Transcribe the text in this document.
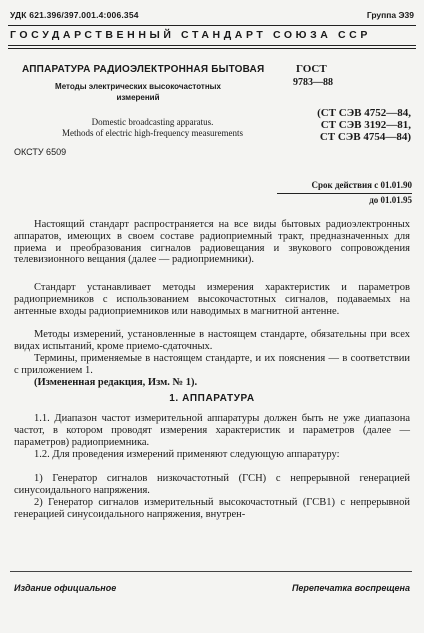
УДК 621.396/397.001.4:006.354	Группа Э39
ГОСУДАРСТВЕННЫЙ СТАНДАРТ СОЮЗА ССР
АППАРАТУРА РАДИОЭЛЕКТРОННАЯ БЫТОВАЯ
Методы электрических высокочастотных измерений
ГОСТ
9783—88
Domestic broadcasting apparatus.
Methods of electric high-frequency measurements
(СТ СЭВ 4752—84,
СТ СЭВ 3192—81,
СТ СЭВ 4754—84)
ОКСТУ 6509
Срок действия с 01.01.90
до 01.01.95

Настоящий стандарт распространяется на все виды бытовых радиоэлектронных аппаратов, имеющих в своем составе радиоприемный тракт, предназначенных для приема и преобразования сигналов радиовещания и звукового сопровождения телевизионного вещания (далее — радиоприемники).

Стандарт устанавливает методы измерения характеристик и параметров радиоприемников с использованием высокочастотных сигналов, подаваемых на антенные входы радиоприемников или наводимых в магнитной антенне.

Методы измерений, установленные в настоящем стандарте, обязательны при всех видах испытаний, кроме приемо-сдаточных.

Термины, применяемые в настоящем стандарте, и их пояснения — в соответствии с приложением 1.

(Измененная редакция, Изм. № 1).

1. АППАРАТУРА

1.1. Диапазон частот измерительной аппаратуры должен быть не уже диапазона частот, в котором проводят измерения характеристик и параметров (далее — параметров) радиоприемника.

1.2. Для проведения измерений применяют следующую аппаратуру:

1) Генератор сигналов низкочастотный (ГСН) с непрерывной генерацией синусоидального напряжения.

2) Генератор сигналов измерительный высокочастотный (ГСВ1) с непрерывной генерацией синусоидального напряжения, внутрен-

Издание официальное	Перепечатка воспрещена
